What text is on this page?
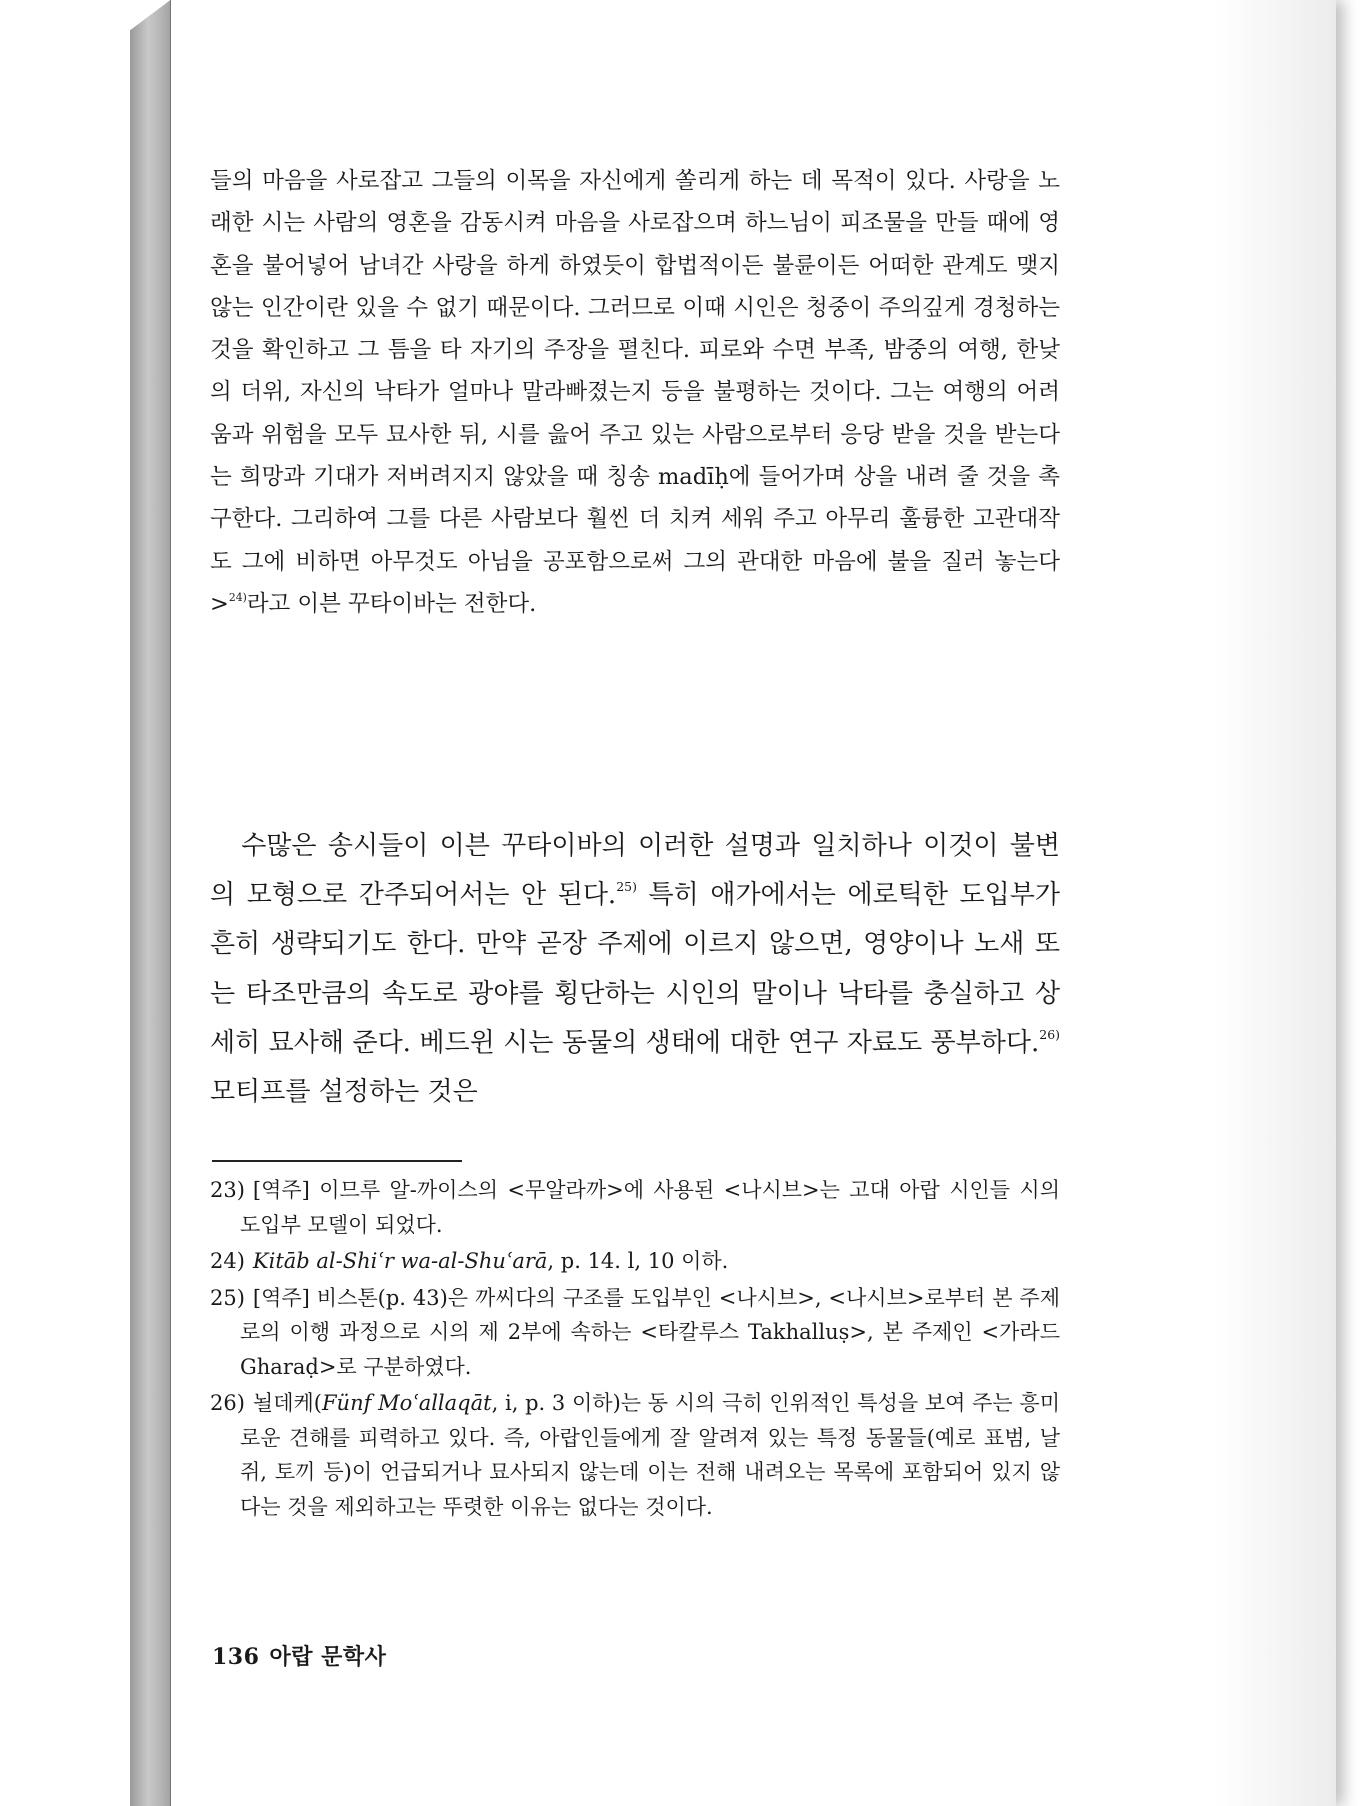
들의 마음을 사로잡고 그들의 이목을 자신에게 쏠리게 하는 데 목적이 있다. 사랑을 노래한 시는 사람의 영혼을 감동시켜 마음을 사로잡으며 하느님이 피조물을 만들 때에 영혼을 불어넣어 남녀간 사랑을 하게 하였듯이 합법적이든 불륜이든 어떠한 관계도 맺지 않는 인간이란 있을 수 없기 때문이다. 그러므로 이때 시인은 청중이 주의깊게 경청하는 것을 확인하고 그 틈을 타 자기의 주장을 펼친다. 피로와 수면 부족, 밤중의 여행, 한낮의 더위, 자신의 낙타가 얼마나 말라빠졌는지 등을 불평하는 것이다. 그는 여행의 어려움과 위험을 모두 묘사한 뒤, 시를 읊어 주고 있는 사람으로부터 응당 받을 것을 받는다는 희망과 기대가 저버려지지 않았을 때 칭송 madīḥ에 들어가며 상을 내려 줄 것을 촉구한다. 그리하여 그를 다른 사람보다 훨씬 더 치켜 세워 주고 아무리 훌륭한 고관대작도 그에 비하면 아무것도 아님을 공포함으로써 그의 관대한 마음에 불을 질러 놓는다>$^{24)}$라고 이븐 꾸타이바는 전한다.

수많은 송시들이 이븐 꾸타이바의 이러한 설명과 일치하나 이것이 불변의 모형으로 간주되어서는 안 된다.$^{25)}$ 특히 애가에서는 에로틱한 도입부가 흔히 생략되기도 한다. 만약 곧장 주제에 이르지 않으면, 영양이나 노새 또는 타조만큼의 속도로 광야를 횡단하는 시인의 말이나 낙타를 충실하고 상세히 묘사해 준다. 베드윈 시는 동물의 생태에 대한 연구 자료도 풍부하다.$^{26)}$ 모티프를 설정하는 것은

23) [역주] 이므루 알-까이스의 <무알라까>에 사용된 <나시브>는 고대 아랍 시인들 시의 도입부 모델이 되었다.
24) Kitāb al-Shiʿr wa-al-Shuʿarā, p. 14. l, 10 이하.
25) [역주] 비스톤(p. 43)은 까씨다의 구조를 도입부인 <나시브>, <나시브>로부터 본 주제로의 이행 과정으로 시의 제 2부에 속하는 <타칼루스 Takhalluṣ>, 본 주제인 <가라드 Gharaḍ>로 구분하였다.
26) 뇔데케(Fünf Moʿallaqāt, i, p. 3 이하)는 동 시의 극히 인위적인 특성을 보여 주는 흥미로운 견해를 피력하고 있다. 즉, 아랍인들에게 잘 알려져 있는 특정 동물들(예로 표범, 날쥐, 토끼 등)이 언급되거나 묘사되지 않는데 이는 전해 내려오는 목록에 포함되어 있지 않다는 것을 제외하고는 뚜렷한 이유는 없다는 것이다.
136 아랍 문학사
